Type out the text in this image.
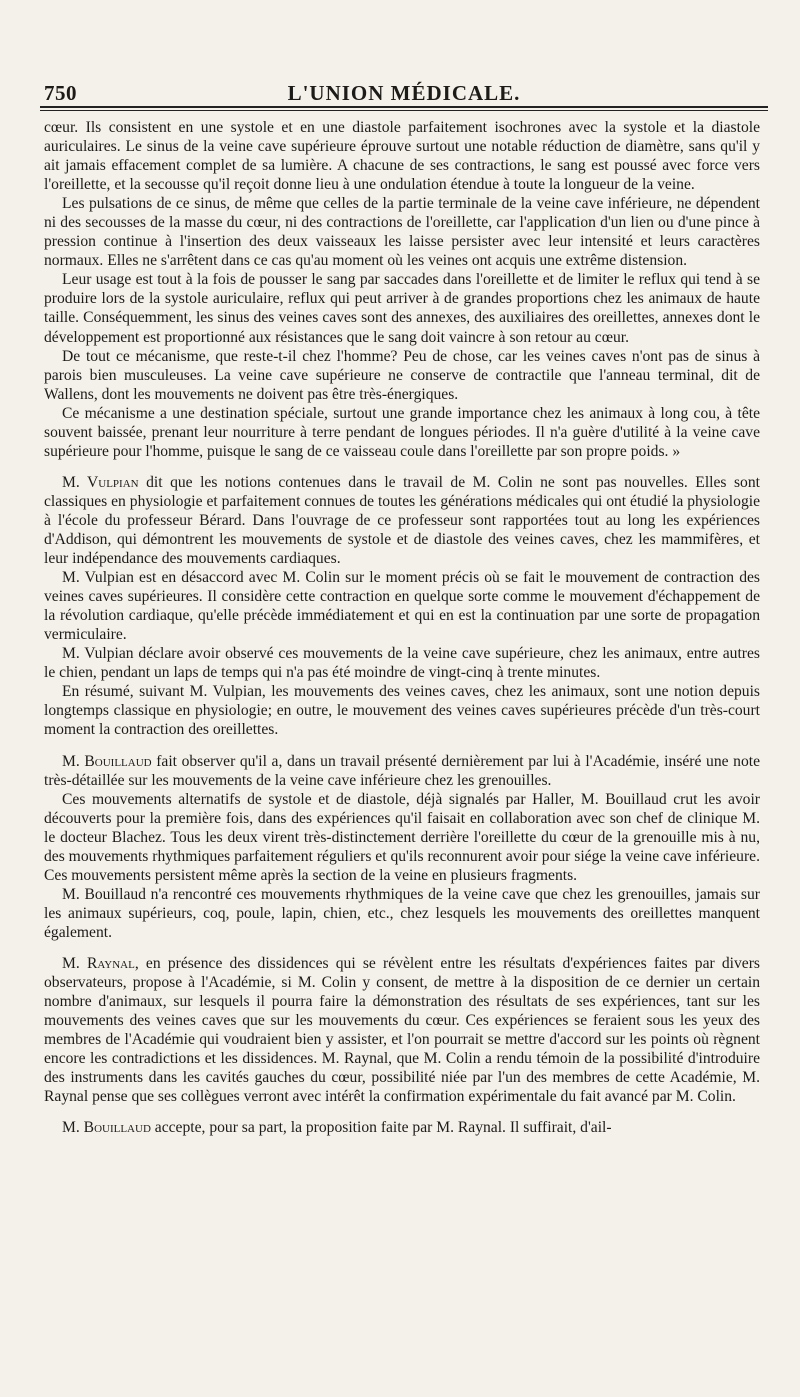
750	L'UNION MÉDICALE.

cœur. Ils consistent en une systole et en une diastole parfaitement isochrones avec la systole et la diastole auriculaires. Le sinus de la veine cave supérieure éprouve surtout une notable réduction de diamètre, sans qu'il y ait jamais effacement complet de sa lumière. A chacune de ses contractions, le sang est poussé avec force vers l'oreillette, et la secousse qu'il reçoit donne lieu à une ondulation étendue à toute la longueur de la veine.

Les pulsations de ce sinus, de même que celles de la partie terminale de la veine cave inférieure, ne dépendent ni des secousses de la masse du cœur, ni des contractions de l'oreillette, car l'application d'un lien ou d'une pince à pression continue à l'insertion des deux vaisseaux les laisse persister avec leur intensité et leurs caractères normaux. Elles ne s'arrêtent dans ce cas qu'au moment où les veines ont acquis une extrême distension.

Leur usage est tout à la fois de pousser le sang par saccades dans l'oreillette et de limiter le reflux qui tend à se produire lors de la systole auriculaire, reflux qui peut arriver à de grandes proportions chez les animaux de haute taille. Conséquemment, les sinus des veines caves sont des annexes, des auxiliaires des oreillettes, annexes dont le développement est proportionné aux résistances que le sang doit vaincre à son retour au cœur.

De tout ce mécanisme, que reste-t-il chez l'homme? Peu de chose, car les veines caves n'ont pas de sinus à parois bien musculeuses. La veine cave supérieure ne conserve de contractile que l'anneau terminal, dit de Wallens, dont les mouvements ne doivent pas être très-énergiques.

Ce mécanisme a une destination spéciale, surtout une grande importance chez les animaux à long cou, à tête souvent baissée, prenant leur nourriture à terre pendant de longues périodes. Il n'a guère d'utilité à la veine cave supérieure pour l'homme, puisque le sang de ce vaisseau coule dans l'oreillette par son propre poids. »

M. Vulpian dit que les notions contenues dans le travail de M. Colin ne sont pas nouvelles. Elles sont classiques en physiologie et parfaitement connues de toutes les générations médicales qui ont étudié la physiologie à l'école du professeur Bérard. Dans l'ouvrage de ce professeur sont rapportées tout au long les expériences d'Addison, qui démontrent les mouvements de systole et de diastole des veines caves, chez les mammifères, et leur indépendance des mouvements cardiaques.

M. Vulpian est en désaccord avec M. Colin sur le moment précis où se fait le mouvement de contraction des veines caves supérieures. Il considère cette contraction en quelque sorte comme le mouvement d'échappement de la révolution cardiaque, qu'elle précède immédiatement et qui en est la continuation par une sorte de propagation vermiculaire.

M. Vulpian déclare avoir observé ces mouvements de la veine cave supérieure, chez les animaux, entre autres le chien, pendant un laps de temps qui n'a pas été moindre de vingt-cinq à trente minutes.

En résumé, suivant M. Vulpian, les mouvements des veines caves, chez les animaux, sont une notion depuis longtemps classique en physiologie; en outre, le mouvement des veines caves supérieures précède d'un très-court moment la contraction des oreillettes.

M. Bouillaud fait observer qu'il a, dans un travail présenté dernièrement par lui à l'Académie, inséré une note très-détaillée sur les mouvements de la veine cave inférieure chez les grenouilles.

Ces mouvements alternatifs de systole et de diastole, déjà signalés par Haller, M. Bouillaud crut les avoir découverts pour la première fois, dans des expériences qu'il faisait en collaboration avec son chef de clinique M. le docteur Blachez. Tous les deux virent très-distinctement derrière l'oreillette du cœur de la grenouille mis à nu, des mouvements rhythmiques parfaitement réguliers et qu'ils reconnurent avoir pour siége la veine cave inférieure. Ces mouvements persistent même après la section de la veine en plusieurs fragments.

M. Bouillaud n'a rencontré ces mouvements rhythmiques de la veine cave que chez les grenouilles, jamais sur les animaux supérieurs, coq, poule, lapin, chien, etc., chez lesquels les mouvements des oreillettes manquent également.

M. Raynal, en présence des dissidences qui se révèlent entre les résultats d'expériences faites par divers observateurs, propose à l'Académie, si M. Colin y consent, de mettre à la disposition de ce dernier un certain nombre d'animaux, sur lesquels il pourra faire la démonstration des résultats de ses expériences, tant sur les mouvements des veines caves que sur les mouvements du cœur. Ces expériences se feraient sous les yeux des membres de l'Académie qui voudraient bien y assister, et l'on pourrait se mettre d'accord sur les points où règnent encore les contradictions et les dissidences. M. Raynal, que M. Colin a rendu témoin de la possibilité d'introduire des instruments dans les cavités gauches du cœur, possibilité niée par l'un des membres de cette Académie, M. Raynal pense que ses collègues verront avec intérêt la confirmation expérimentale du fait avancé par M. Colin.

M. Bouillaud accepte, pour sa part, la proposition faite par M. Raynal. Il suffirait, d'ail-
